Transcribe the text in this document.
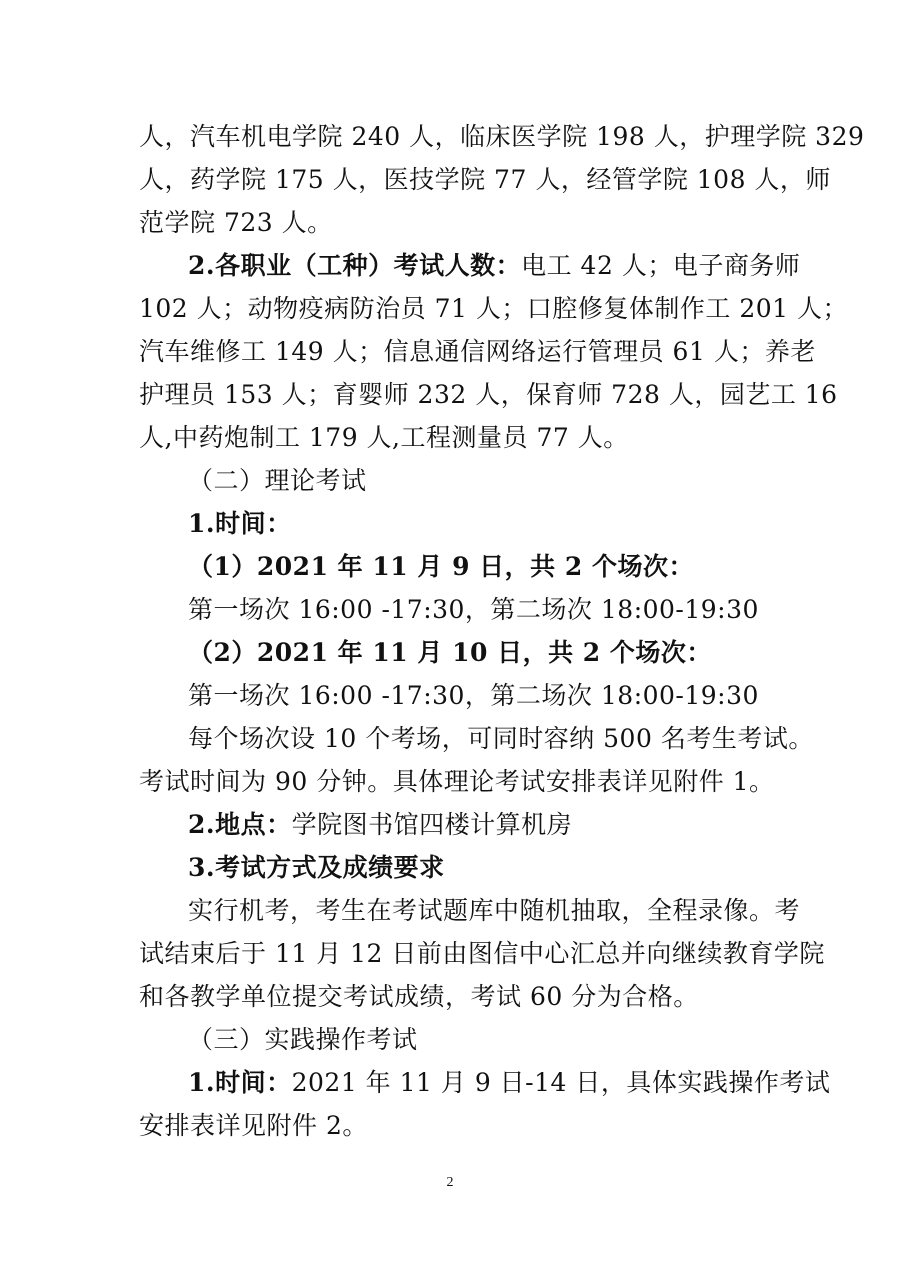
人，汽车机电学院 240 人，临床医学院 198 人，护理学院 329
人，药学院 175 人，医技学院 77 人，经管学院 108 人，师
范学院 723 人。
2.各职业（工种）考试人数：电工 42 人；电子商务师
102 人；动物疫病防治员 71 人；口腔修复体制作工 201 人；
汽车维修工 149 人；信息通信网络运行管理员 61 人；养老
护理员 153 人；育婴师 232 人，保育师 728 人，园艺工 16
人,中药炮制工 179 人,工程测量员 77 人。
（二）理论考试
1.时间：
（1）2021 年 11 月 9 日，共 2 个场次：
第一场次 16:00 -17:30，第二场次 18:00-19:30
（2）2021 年 11 月 10 日，共 2 个场次：
第一场次 16:00 -17:30，第二场次 18:00-19:30
每个场次设 10 个考场，可同时容纳 500 名考生考试。
考试时间为 90 分钟。具体理论考试安排表详见附件 1。
2.地点：学院图书馆四楼计算机房
3.考试方式及成绩要求
实行机考，考生在考试题库中随机抽取，全程录像。考
试结束后于 11 月 12 日前由图信中心汇总并向继续教育学院
和各教学单位提交考试成绩，考试 60 分为合格。
（三）实践操作考试
1.时间：2021 年 11 月 9 日-14 日，具体实践操作考试
安排表详见附件 2。
2
